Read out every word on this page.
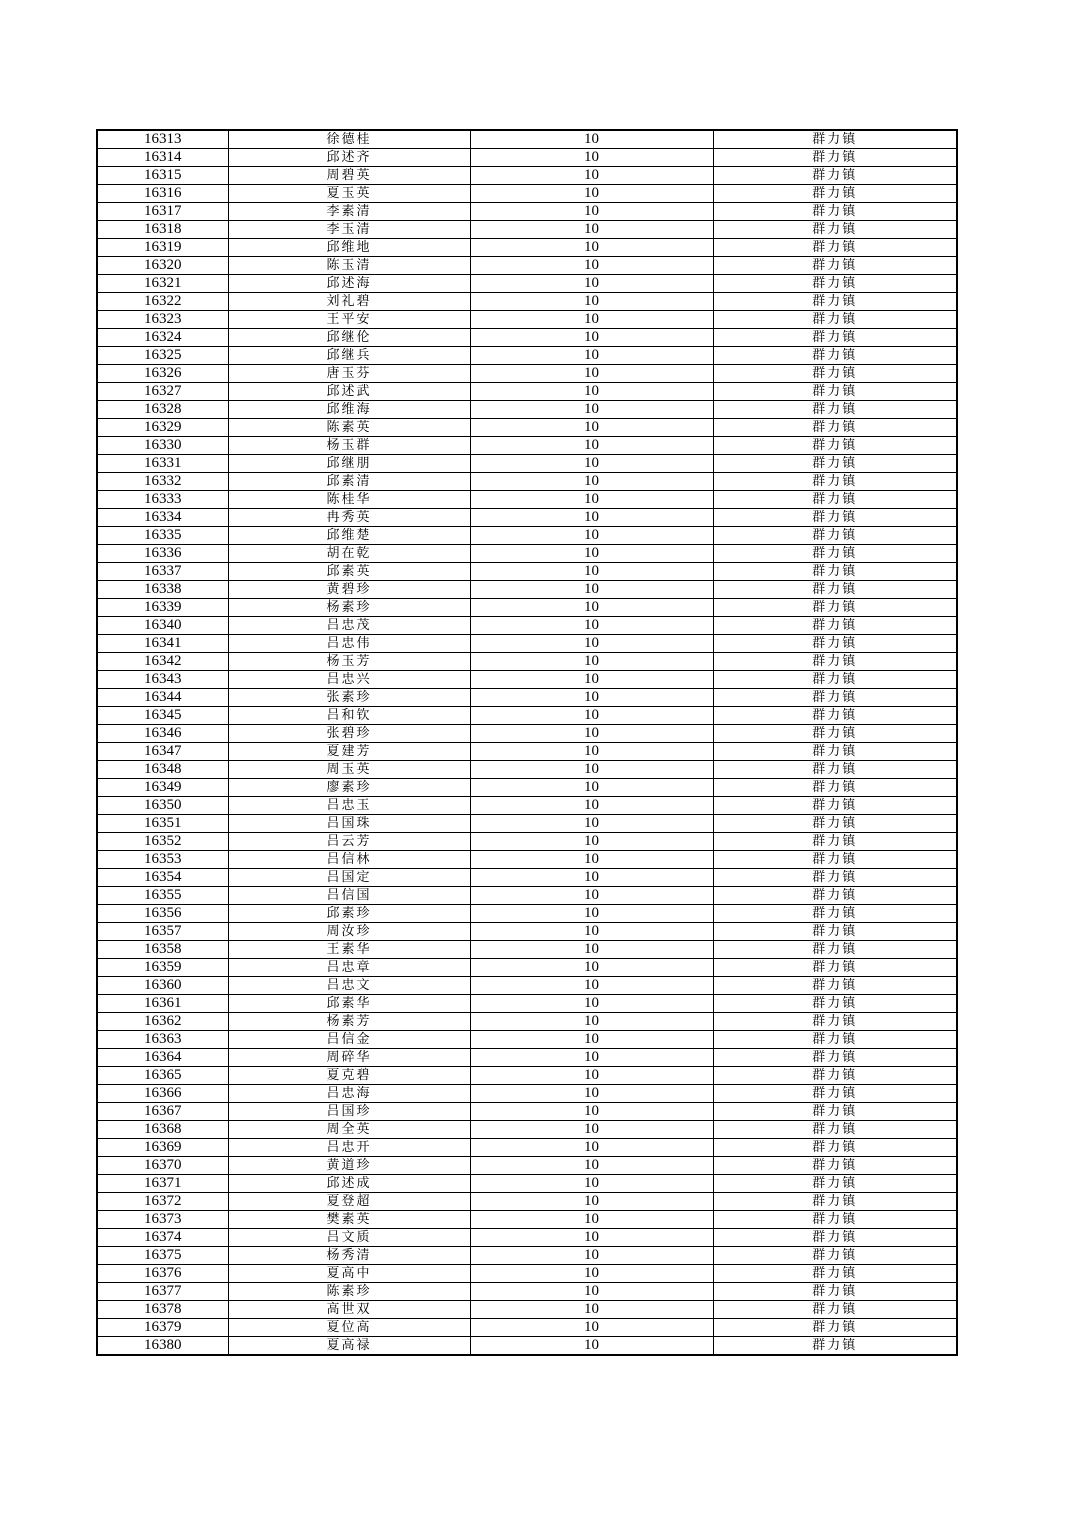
16313	徐德桂	10	群力镇
16314	邱述齐	10	群力镇
16315	周碧英	10	群力镇
16316	夏玉英	10	群力镇
16317	李素清	10	群力镇
16318	李玉清	10	群力镇
16319	邱维地	10	群力镇
16320	陈玉清	10	群力镇
16321	邱述海	10	群力镇
16322	刘礼碧	10	群力镇
16323	王平安	10	群力镇
16324	邱继伦	10	群力镇
16325	邱继兵	10	群力镇
16326	唐玉芬	10	群力镇
16327	邱述武	10	群力镇
16328	邱维海	10	群力镇
16329	陈素英	10	群力镇
16330	杨玉群	10	群力镇
16331	邱继朋	10	群力镇
16332	邱素清	10	群力镇
16333	陈桂华	10	群力镇
16334	冉秀英	10	群力镇
16335	邱维楚	10	群力镇
16336	胡在乾	10	群力镇
16337	邱素英	10	群力镇
16338	黄碧珍	10	群力镇
16339	杨素珍	10	群力镇
16340	吕忠茂	10	群力镇
16341	吕忠伟	10	群力镇
16342	杨玉芳	10	群力镇
16343	吕忠兴	10	群力镇
16344	张素珍	10	群力镇
16345	吕和钦	10	群力镇
16346	张碧珍	10	群力镇
16347	夏建芳	10	群力镇
16348	周玉英	10	群力镇
16349	廖素珍	10	群力镇
16350	吕忠玉	10	群力镇
16351	吕国珠	10	群力镇
16352	吕云芳	10	群力镇
16353	吕信林	10	群力镇
16354	吕国定	10	群力镇
16355	吕信国	10	群力镇
16356	邱素珍	10	群力镇
16357	周汝珍	10	群力镇
16358	王素华	10	群力镇
16359	吕忠章	10	群力镇
16360	吕忠文	10	群力镇
16361	邱素华	10	群力镇
16362	杨素芳	10	群力镇
16363	吕信金	10	群力镇
16364	周碎华	10	群力镇
16365	夏克碧	10	群力镇
16366	吕忠海	10	群力镇
16367	吕国珍	10	群力镇
16368	周全英	10	群力镇
16369	吕忠开	10	群力镇
16370	黄道珍	10	群力镇
16371	邱述成	10	群力镇
16372	夏登超	10	群力镇
16373	樊素英	10	群力镇
16374	吕文质	10	群力镇
16375	杨秀清	10	群力镇
16376	夏高中	10	群力镇
16377	陈素珍	10	群力镇
16378	高世双	10	群力镇
16379	夏位高	10	群力镇
16380	夏高禄	10	群力镇
